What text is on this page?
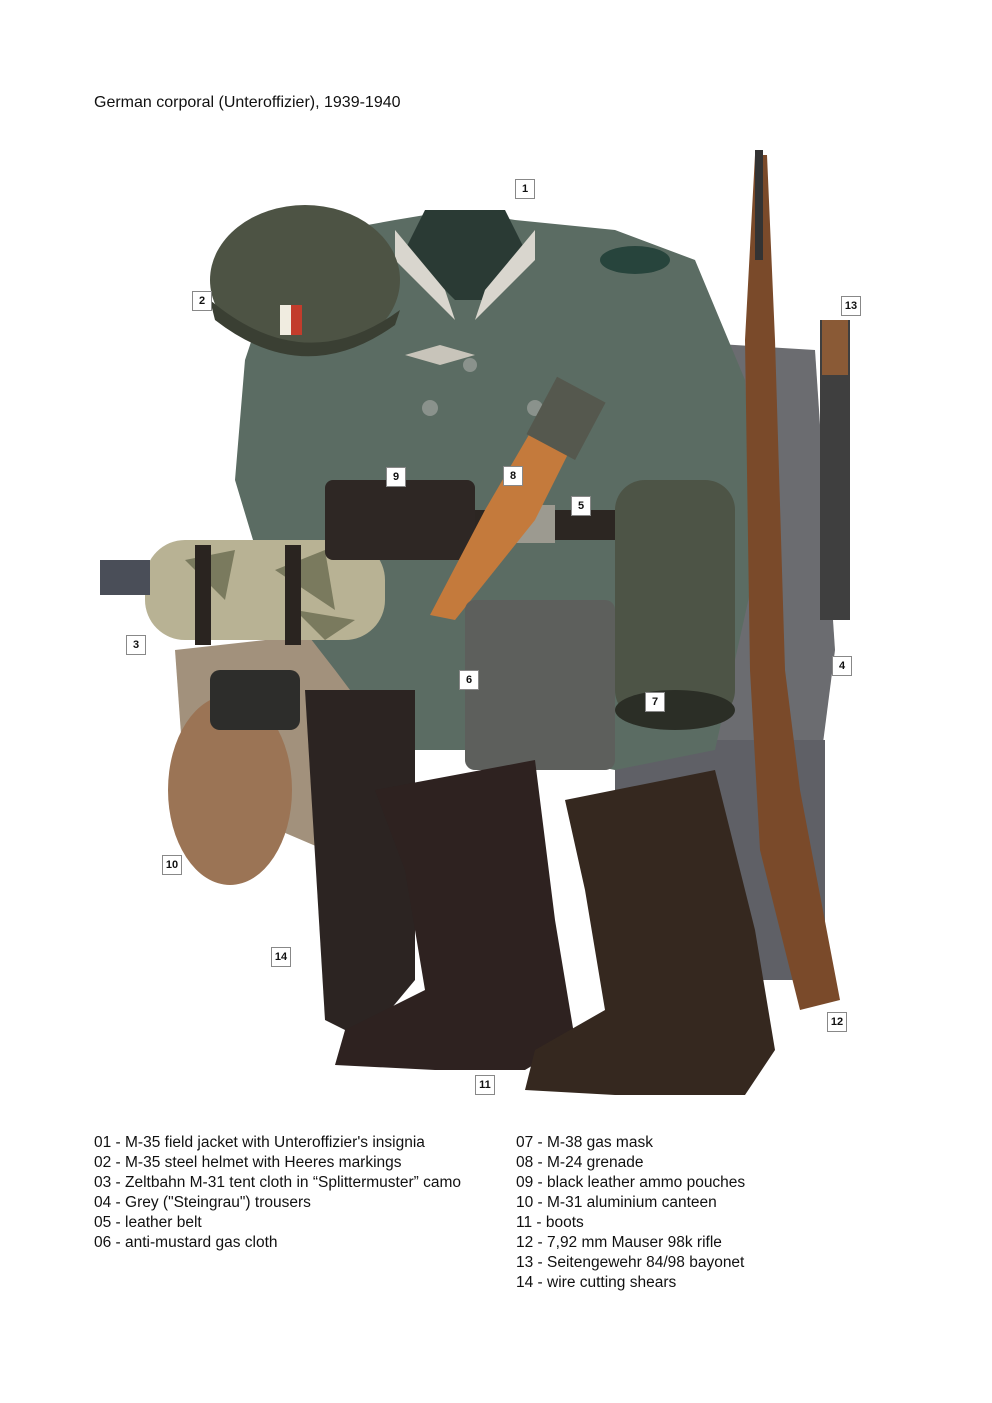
German corporal (Unteroffizier), 1939-1940
1
2
3
4
5
6
7
8
9
10
11
12
13
14
01 - M-35 field jacket with Unteroffizier's insignia
02 - M-35 steel helmet with Heeres markings
03 - Zeltbahn M-31 tent cloth in “Splittermuster” camo
04 - Grey ("Steingrau") trousers
05 - leather belt
06 - anti-mustard gas cloth
07 - M-38 gas mask
08 - M-24 grenade
09 - black leather ammo pouches
10 - M-31 aluminium canteen
11 - boots
12 - 7,92 mm Mauser 98k rifle
13 - Seitengewehr 84/98 bayonet
14 - wire cutting shears
